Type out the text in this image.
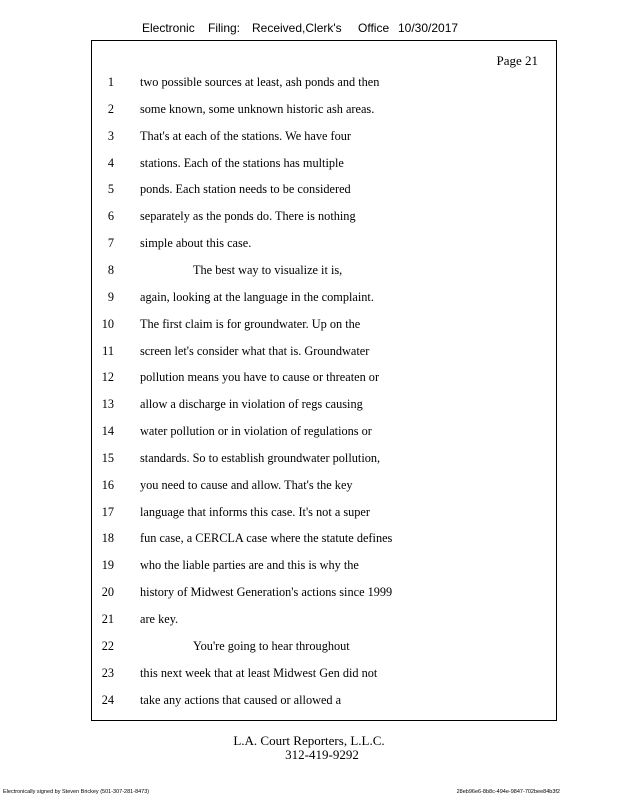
Electronic Filing: Received,Clerk's Office 10/30/2017
Page 21
1 two possible sources at least, ash ponds and then
2 some known, some unknown historic ash areas.
3 That's at each of the stations. We have four
4 stations. Each of the stations has multiple
5 ponds. Each station needs to be considered
6 separately as the ponds do. There is nothing
7 simple about this case.
8	The best way to visualize it is,
9 again, looking at the language in the complaint.
10 The first claim is for groundwater. Up on the
11 screen let's consider what that is. Groundwater
12 pollution means you have to cause or threaten or
13 allow a discharge in violation of regs causing
14 water pollution or in violation of regulations or
15 standards. So to establish groundwater pollution,
16 you need to cause and allow. That's the key
17 language that informs this case. It's not a super
18 fun case, a CERCLA case where the statute defines
19 who the liable parties are and this is why the
20 history of Midwest Generation's actions since 1999
21 are key.
22	You're going to hear throughout
23 this next week that at least Midwest Gen did not
24 take any actions that caused or allowed a
L.A. Court Reporters, L.L.C.
312-419-9292
Electronically signed by Steven Brickey (501-307-281-8473)	28eb96e6-8b8c-494e-9847-702bee84b3f2
